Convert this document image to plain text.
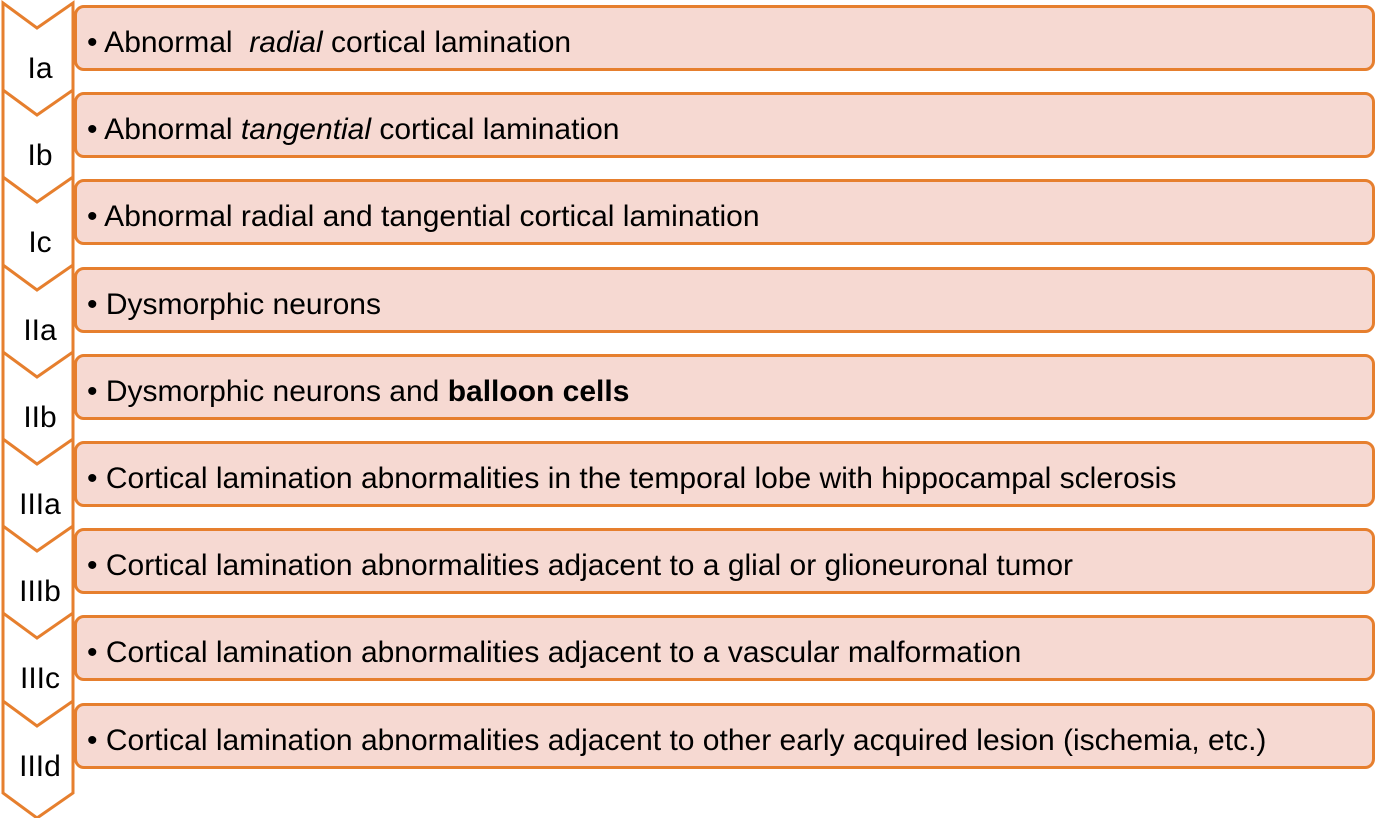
Ia
• Abnormal  radial cortical lamination
Ib
• Abnormal tangential cortical lamination
Ic
• Abnormal radial and tangential cortical lamination
IIa
• Dysmorphic neurons
IIb
• Dysmorphic neurons and balloon cells
IIIa
• Cortical lamination abnormalities in the temporal lobe with hippocampal sclerosis
IIIb
• Cortical lamination abnormalities adjacent to a glial or glioneuronal tumor
IIIc
• Cortical lamination abnormalities adjacent to a vascular malformation
IIId
• Cortical lamination abnormalities adjacent to other early acquired lesion (ischemia, etc.)
